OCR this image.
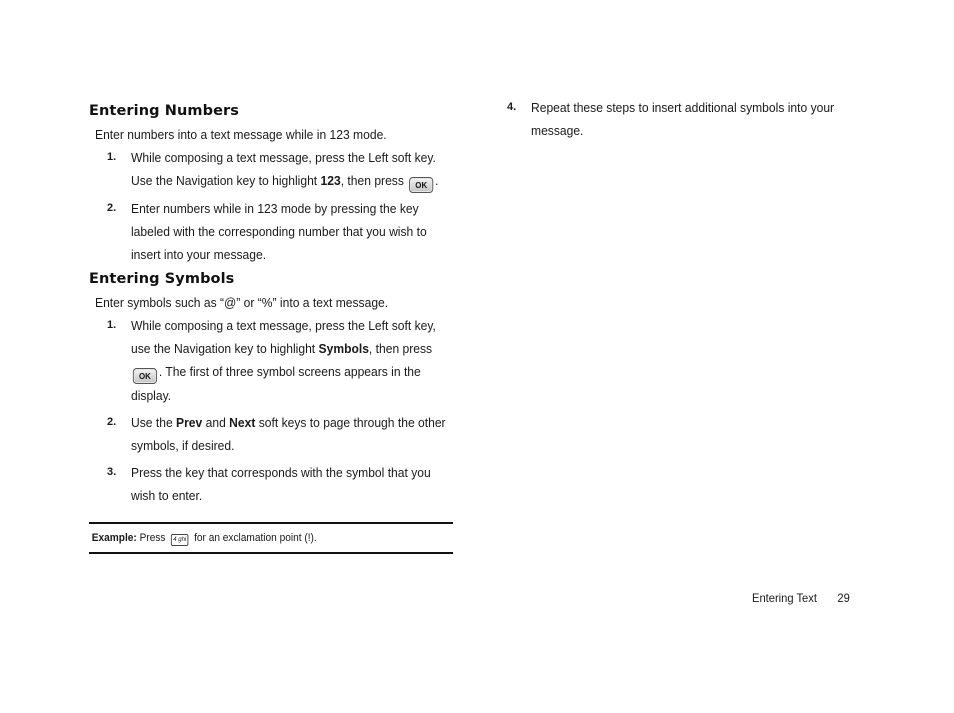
Entering Numbers
Enter numbers into a text message while in 123 mode.
1. While composing a text message, press the Left soft key. Use the Navigation key to highlight 123, then press OK .
2. Enter numbers while in 123 mode by pressing the key labeled with the corresponding number that you wish to insert into your message.
Entering Symbols
Enter symbols such as “@” or “%” into a text message.
1. While composing a text message, press the Left soft key, use the Navigation key to highlight Symbols, then press OK . The first of three symbol screens appears in the display.
2. Use the Prev and Next soft keys to page through the other symbols, if desired.
3. Press the key that corresponds with the symbol that you wish to enter.
Example: Press 4 ghi for an exclamation point (!).
4. Repeat these steps to insert additional symbols into your message.
Entering Text 29
